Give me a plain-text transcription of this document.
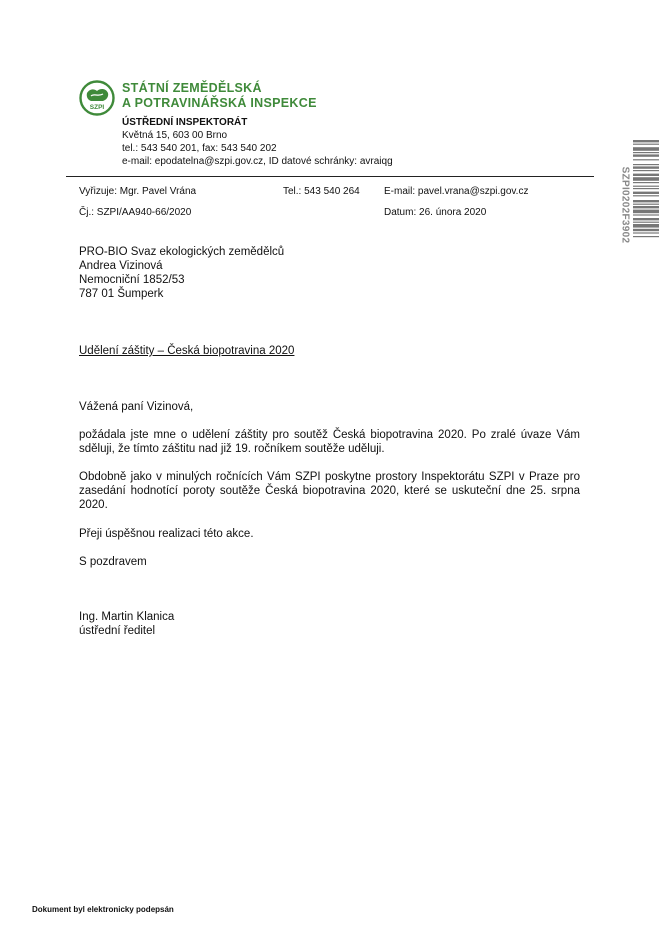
SZPI
STÁTNÍ ZEMĚDĚLSKÁ
A POTRAVINÁŘSKÁ INSPEKCE
ÚSTŘEDNÍ INSPEKTORÁT
Květná 15, 603 00 Brno
tel.: 543 540 201, fax: 543 540 202
e-mail: epodatelna@szpi.gov.cz, ID datové schránky: avraiqg
SZPI0202F3902
Vyřizuje: Mgr. Pavel Vrána	Tel.: 543 540 264 E-mail: pavel.vrana@szpi.gov.cz
Čj.: SZPI/AA940-66/2020	Datum: 26. února 2020
PRO-BIO Svaz ekologických zemědělců
Andrea Vizinová
Nemocniční 1852/53
787 01 Šumperk
Udělení záštity – Česká biopotravina 2020
Vážená paní Vizinová,
požádala jste mne o udělení záštity pro soutěž Česká biopotravina 2020. Po zralé úvaze Vám sděluji, že tímto záštitu nad již 19. ročníkem soutěže uděluji.
Obdobně jako v minulých ročnících Vám SZPI poskytne prostory Inspektorátu SZPI v Praze pro zasedání hodnotící poroty soutěže Česká biopotravina 2020, které se uskuteční dne 25. srpna 2020.
Přeji úspěšnou realizaci této akce.
S pozdravem
Ing. Martin Klanica
ústřední ředitel
Dokument byl elektronicky podepsán
